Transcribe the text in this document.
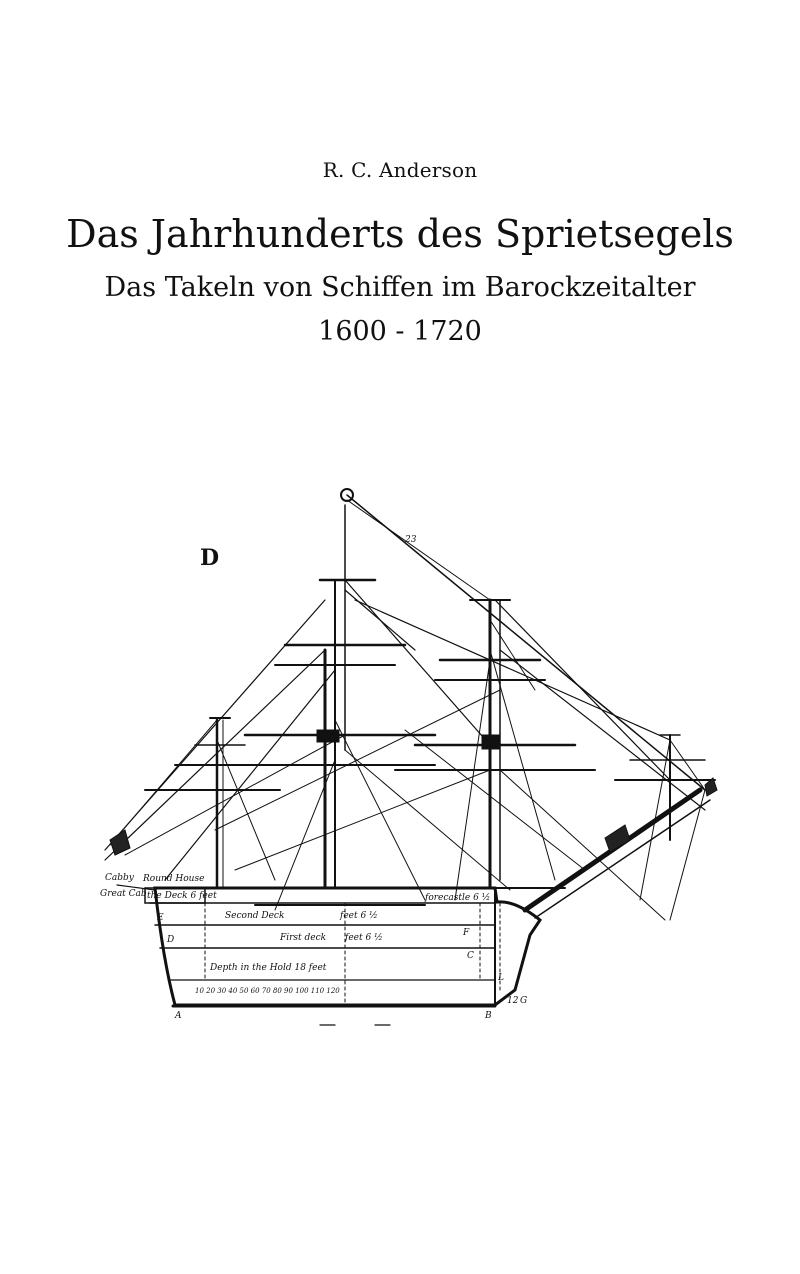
R. C. Anderson
Das Jahrhunderts des Sprietsegels
Das Takeln von Schiffen im Barockzeitalter
1600 - 1720
D
Cabby Round House
Great Cab the Deck 6 feet
Second Deck	feet 6 ½
First deck feet 6 ½
Depth in the Hold 18 feet
forecastle 6 ½
10 20 30 40 50 60 70 80 90 100 110 120
A	B
C
D
E
F
G
L
12
23
